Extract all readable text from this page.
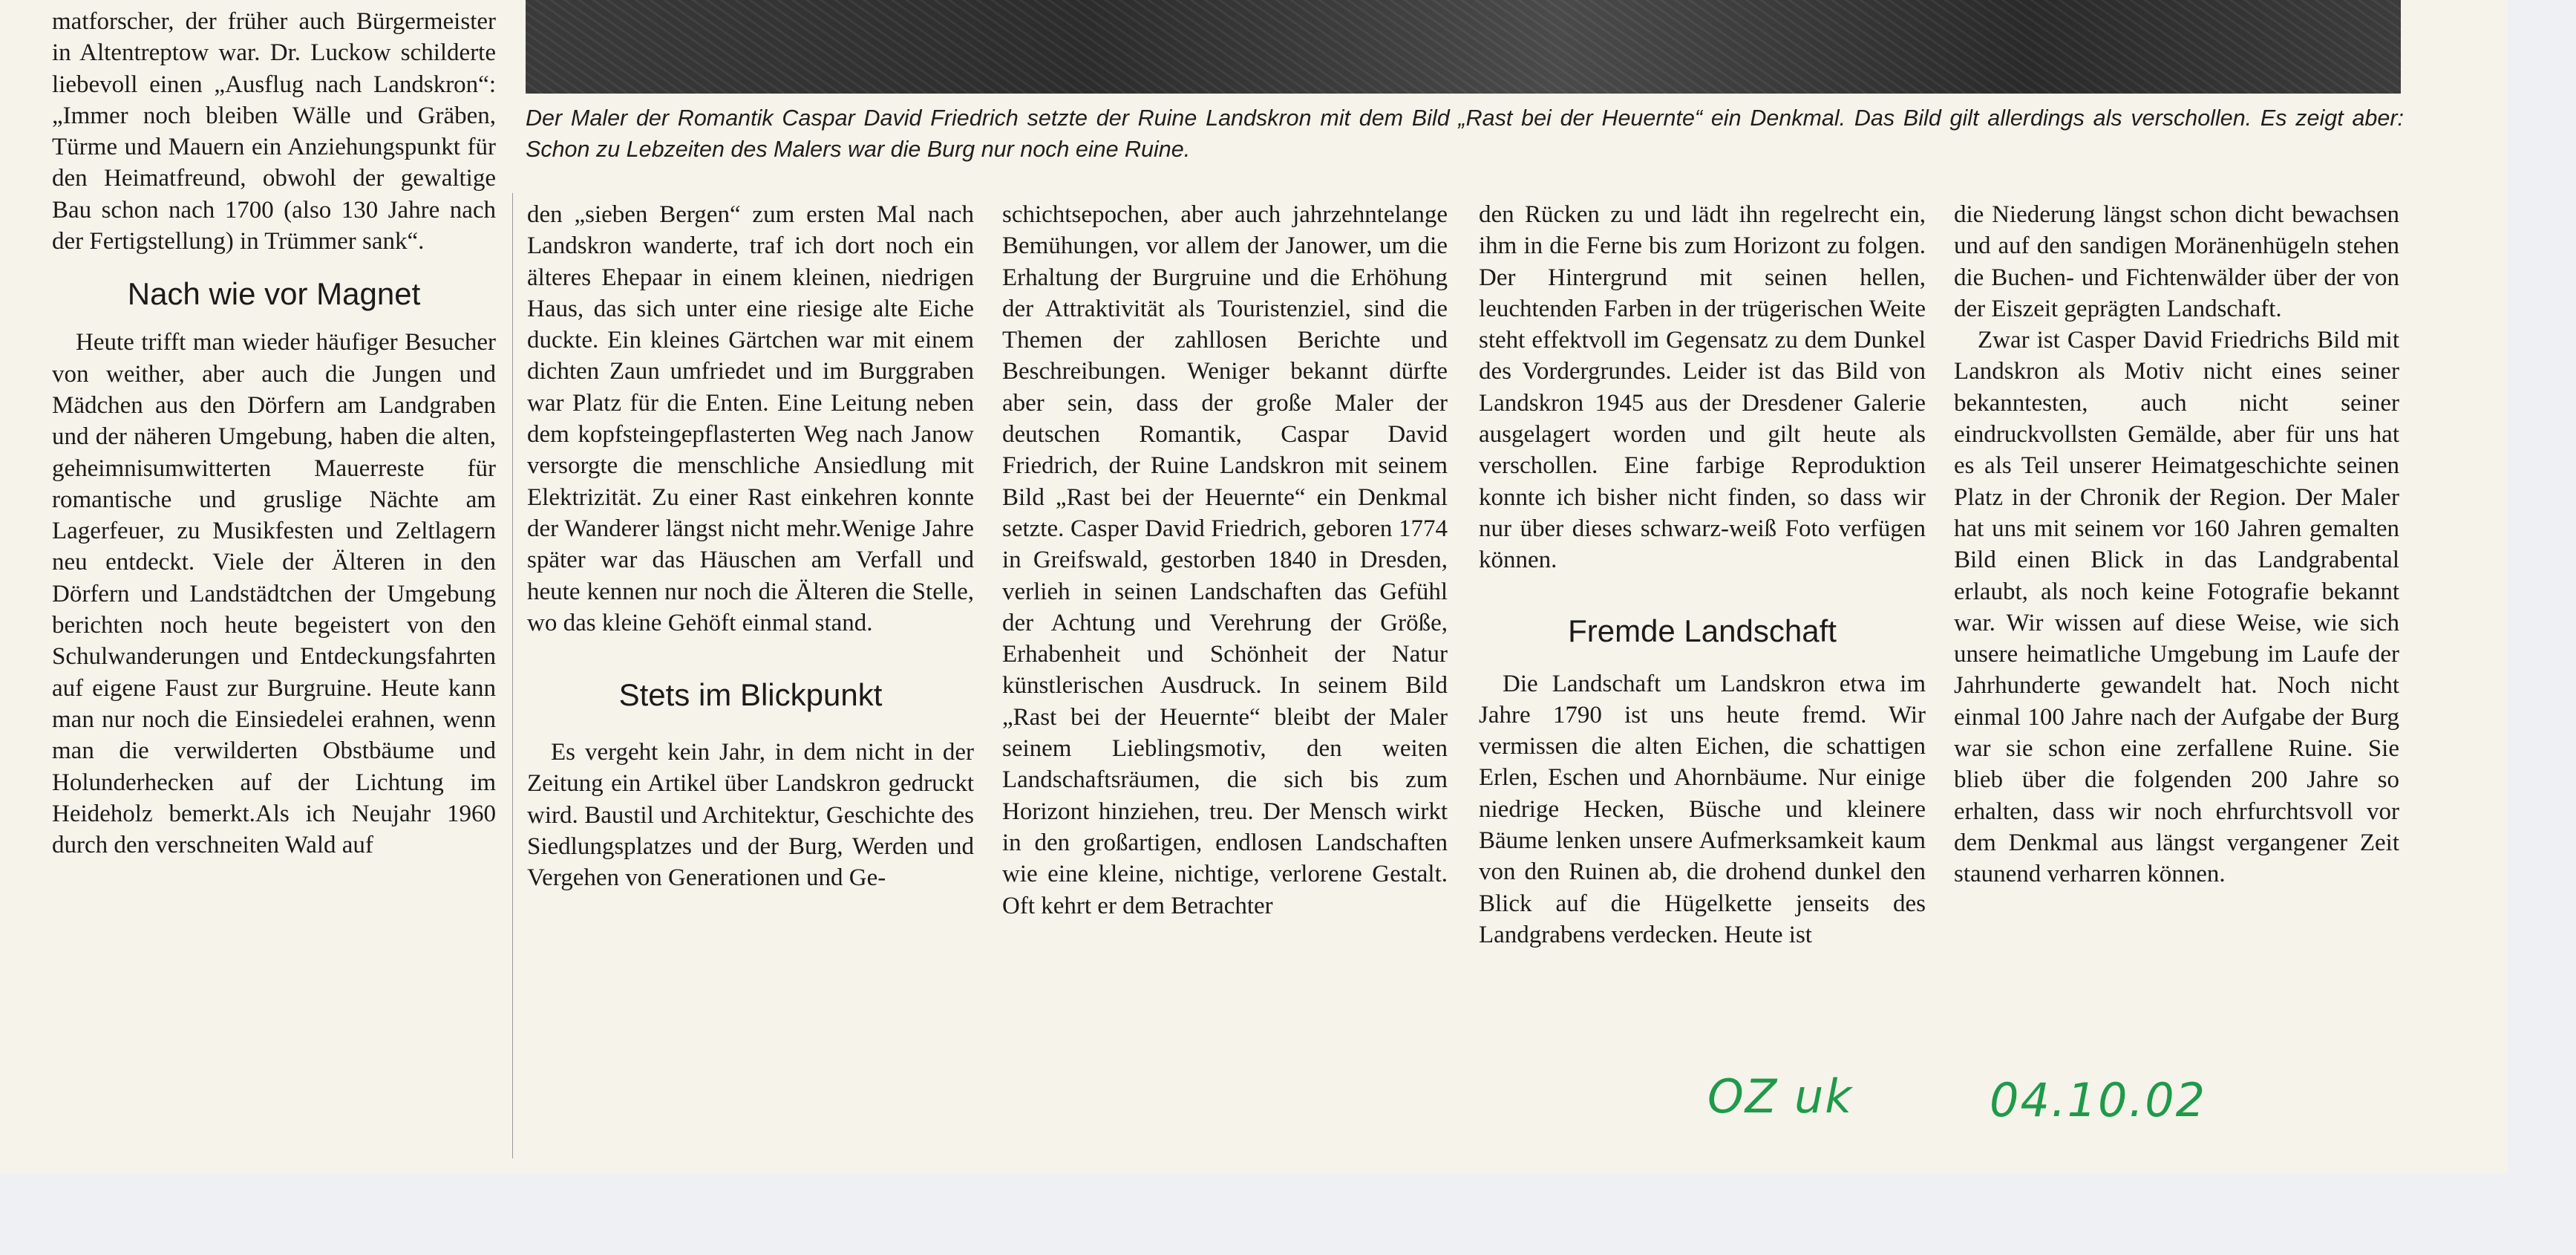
Der Maler der Romantik Caspar David Friedrich setzte der Ruine Landskron mit dem Bild „Rast bei der Heuernte“ ein Denkmal. Das Bild gilt allerdings als verschollen. Es zeigt aber: Schon zu Lebzeiten des Malers war die Burg nur noch eine Ruine.

matforscher, der früher auch Bürgermeister in Altentreptow war. Dr. Luckow schilderte liebevoll einen „Ausflug nach Landskron“: „Immer noch bleiben Wälle und Gräben, Türme und Mauern ein Anziehungspunkt für den Heimatfreund, obwohl der gewaltige Bau schon nach 1700 (also 130 Jahre nach der Fertigstellung) in Trümmer sank“.

Nach wie vor Magnet

Heute trifft man wieder häufiger Besucher von weither, aber auch die Jungen und Mädchen aus den Dörfern am Landgraben und der näheren Umgebung, haben die alten, geheimnisumwitterten Mauerreste für romantische und gruslige Nächte am Lagerfeuer, zu Musikfesten und Zeltlagern neu entdeckt. Viele der Älteren in den Dörfern und Landstädtchen der Umgebung berichten noch heute begeistert von den Schulwanderungen und Entdeckungsfahrten auf eigene Faust zur Burgruine. Heute kann man nur noch die Einsiedelei erahnen, wenn man die verwilderten Obstbäume und Holunderhecken auf der Lichtung im Heideholz bemerkt.Als ich Neujahr 1960 durch den verschneiten Wald auf

den „sieben Bergen“ zum ersten Mal nach Landskron wanderte, traf ich dort noch ein älteres Ehepaar in einem kleinen, niedrigen Haus, das sich unter eine riesige alte Eiche duckte. Ein kleines Gärtchen war mit einem dichten Zaun umfriedet und im Burggraben war Platz für die Enten. Eine Leitung neben dem kopfsteingepflasterten Weg nach Janow versorgte die menschliche Ansiedlung mit Elektrizität. Zu einer Rast einkehren konnte der Wanderer längst nicht mehr.Wenige Jahre später war das Häuschen am Verfall und heute kennen nur noch die Älteren die Stelle, wo das kleine Gehöft einmal stand.

Stets im Blickpunkt

Es vergeht kein Jahr, in dem nicht in der Zeitung ein Artikel über Landskron gedruckt wird. Baustil und Architektur, Geschichte des Siedlungsplatzes und der Burg, Werden und Vergehen von Generationen und Ge-

schichtsepochen, aber auch jahrzehntelange Bemühungen, vor allem der Janower, um die Erhaltung der Burgruine und die Erhöhung der Attraktivität als Touristenziel, sind die Themen der zahllosen Berichte und Beschreibungen. Weniger bekannt dürfte aber sein, dass der große Maler der deutschen Romantik, Caspar David Friedrich, der Ruine Landskron mit seinem Bild „Rast bei der Heuernte“ ein Denkmal setzte. Casper David Friedrich, geboren 1774 in Greifswald, gestorben 1840 in Dresden, verlieh in seinen Landschaften das Gefühl der Achtung und Verehrung der Größe, Erhabenheit und Schönheit der Natur künstlerischen Ausdruck. In seinem Bild „Rast bei der Heuernte“ bleibt der Maler seinem Lieblingsmotiv, den weiten Landschaftsräumen, die sich bis zum Horizont hinziehen, treu. Der Mensch wirkt in den großartigen, endlosen Landschaften wie eine kleine, nichtige, verlorene Gestalt. Oft kehrt er dem Betrachter

den Rücken zu und lädt ihn regelrecht ein, ihm in die Ferne bis zum Horizont zu folgen. Der Hintergrund mit seinen hellen, leuchtenden Farben in der trügerischen Weite steht effektvoll im Gegensatz zu dem Dunkel des Vordergrundes. Leider ist das Bild von Landskron 1945 aus der Dresdener Galerie ausgelagert worden und gilt heute als verschollen. Eine farbige Reproduktion konnte ich bisher nicht finden, so dass wir nur über dieses schwarz-weiß Foto verfügen können.

Fremde Landschaft

Die Landschaft um Landskron etwa im Jahre 1790 ist uns heute fremd. Wir vermissen die alten Eichen, die schattigen Erlen, Eschen und Ahornbäume. Nur einige niedrige Hecken, Büsche und kleinere Bäume lenken unsere Aufmerksamkeit kaum von den Ruinen ab, die drohend dunkel den Blick auf die Hügelkette jenseits des Landgrabens verdecken. Heute ist

die Niederung längst schon dicht bewachsen und auf den sandigen Moränenhügeln stehen die Buchen- und Fichtenwälder über der von der Eiszeit geprägten Landschaft.

Zwar ist Casper David Friedrichs Bild mit Landskron als Motiv nicht eines seiner bekanntesten, auch nicht seiner eindruckvollsten Gemälde, aber für uns hat es als Teil unserer Heimatgeschichte seinen Platz in der Chronik der Region. Der Maler hat uns mit seinem vor 160 Jahren gemalten Bild einen Blick in das Landgrabental erlaubt, als noch keine Fotografie bekannt war. Wir wissen auf diese Weise, wie sich unsere heimatliche Umgebung im Laufe der Jahrhunderte gewandelt hat. Noch nicht einmal 100 Jahre nach der Aufgabe der Burg war sie schon eine zerfallene Ruine. Sie blieb über die folgenden 200 Jahre so erhalten, dass wir noch ehrfurchtsvoll vor dem Denkmal aus längst vergangener Zeit staunend verharren können.

OZ uk	04.10.02
